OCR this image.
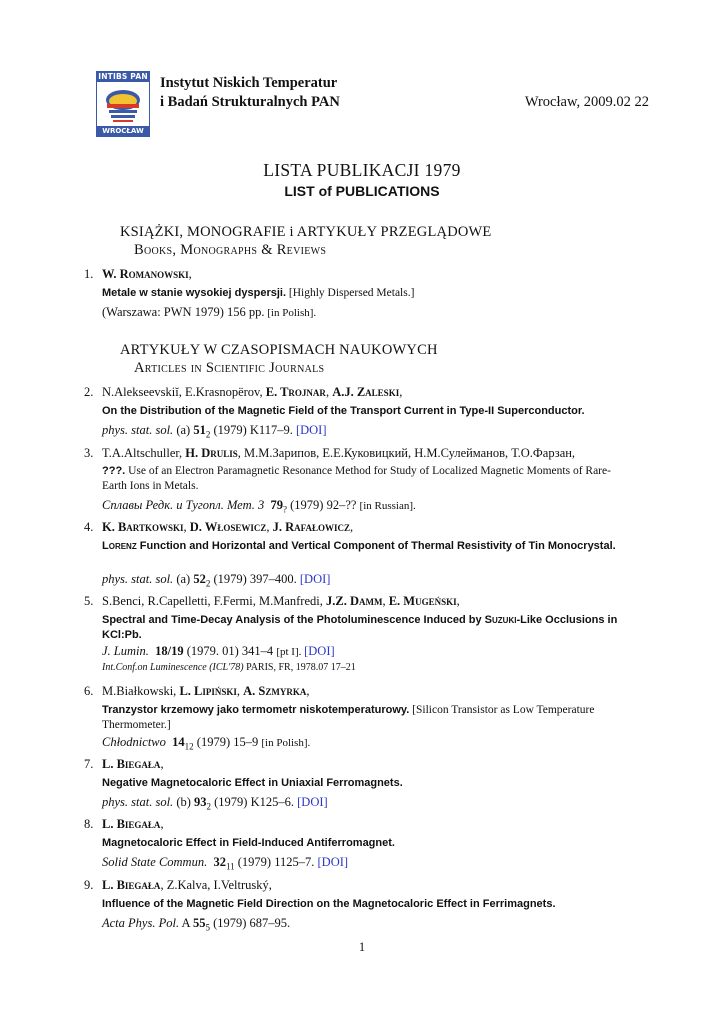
INTIBS PAN
WROCŁAW
Instytut Niskich Temperatur
i Badań Strukturalnych PAN	Wrocław, 2009.02 22
LISTA PUBLIKACJI 1979
LIST of PUBLICATIONS
KSIĄŻKI, MONOGRAFIE i ARTYKUŁY PRZEGLĄDOWE
Books, Monographs & Reviews
1. W. Romanowski,
Metale w stanie wysokiej dyspersji. [Highly Dispersed Metals.]
(Warszawa: PWN 1979) 156 pp. [in Polish].
ARTYKUŁY W CZASOPISMACH NAUKOWYCH
Articles in Scientific Journals
2. N.Alekseevskiĭ, E.Krasnopërov, E. Trojnar, A.J. Zaleski,
On the Distribution of the Magnetic Field of the Transport Current in Type-II Superconductor.
phys. stat. sol. (a) $51_2$ (1979) K117–9. [DOI]
3. T.A.Altschuller, H. Drulis, М.М.Зарипов, Е.Е.Куковицкий, Н.М.Сулейманов, Т.О.Фарзан,
???. Use of an Electron Paramagnetic Resonance Method for Study of Localized Magnetic Moments of Rare-Earth Ions in Metals.
Сплавы Редк. и Тугопл. Мет. 3 $79_?$ (1979) 92–?? [in Russian].
4. K. Bartkowski, D. Włosewicz, J. Rafałowicz,
Lorenz Function and Horizontal and Vertical Component of Thermal Resistivity of Tin Monocrystal.
phys. stat. sol. (a) $52_2$ (1979) 397–400. [DOI]
5. S.Benci, R.Capelletti, F.Fermi, M.Manfredi, J.Z. Damm, E. Mugeński,
Spectral and Time-Decay Analysis of the Photoluminescence Induced by Suzuki-Like Occlusions in KCl:Pb.
J. Lumin. 18/19 (1979. 01) 341–4 [pt I]. [DOI]
Int.Conf.on Luminescence (ICL'78) PARIS, FR, 1978.07 17–21
6. M.Białkowski, L. Lipiński, A. Szmyrka,
Tranzystor krzemowy jako termometr niskotemperaturowy. [Silicon Transistor as Low Temperature Thermometer.]
Chłodnictwo $14_{12}$ (1979) 15–9 [in Polish].
7. L. Biegała,
Negative Magnetocaloric Effect in Uniaxial Ferromagnets.
phys. stat. sol. (b) $93_2$ (1979) K125–6. [DOI]
8. L. Biegała,
Magnetocaloric Effect in Field-Induced Antiferromagnet.
Solid State Commun. $32_{11}$ (1979) 1125–7. [DOI]
9. L. Biegała, Z.Kalva, I.Veltruský,
Influence of the Magnetic Field Direction on the Magnetocaloric Effect in Ferrimagnets.
Acta Phys. Pol. A $55_5$ (1979) 687–95.
1
